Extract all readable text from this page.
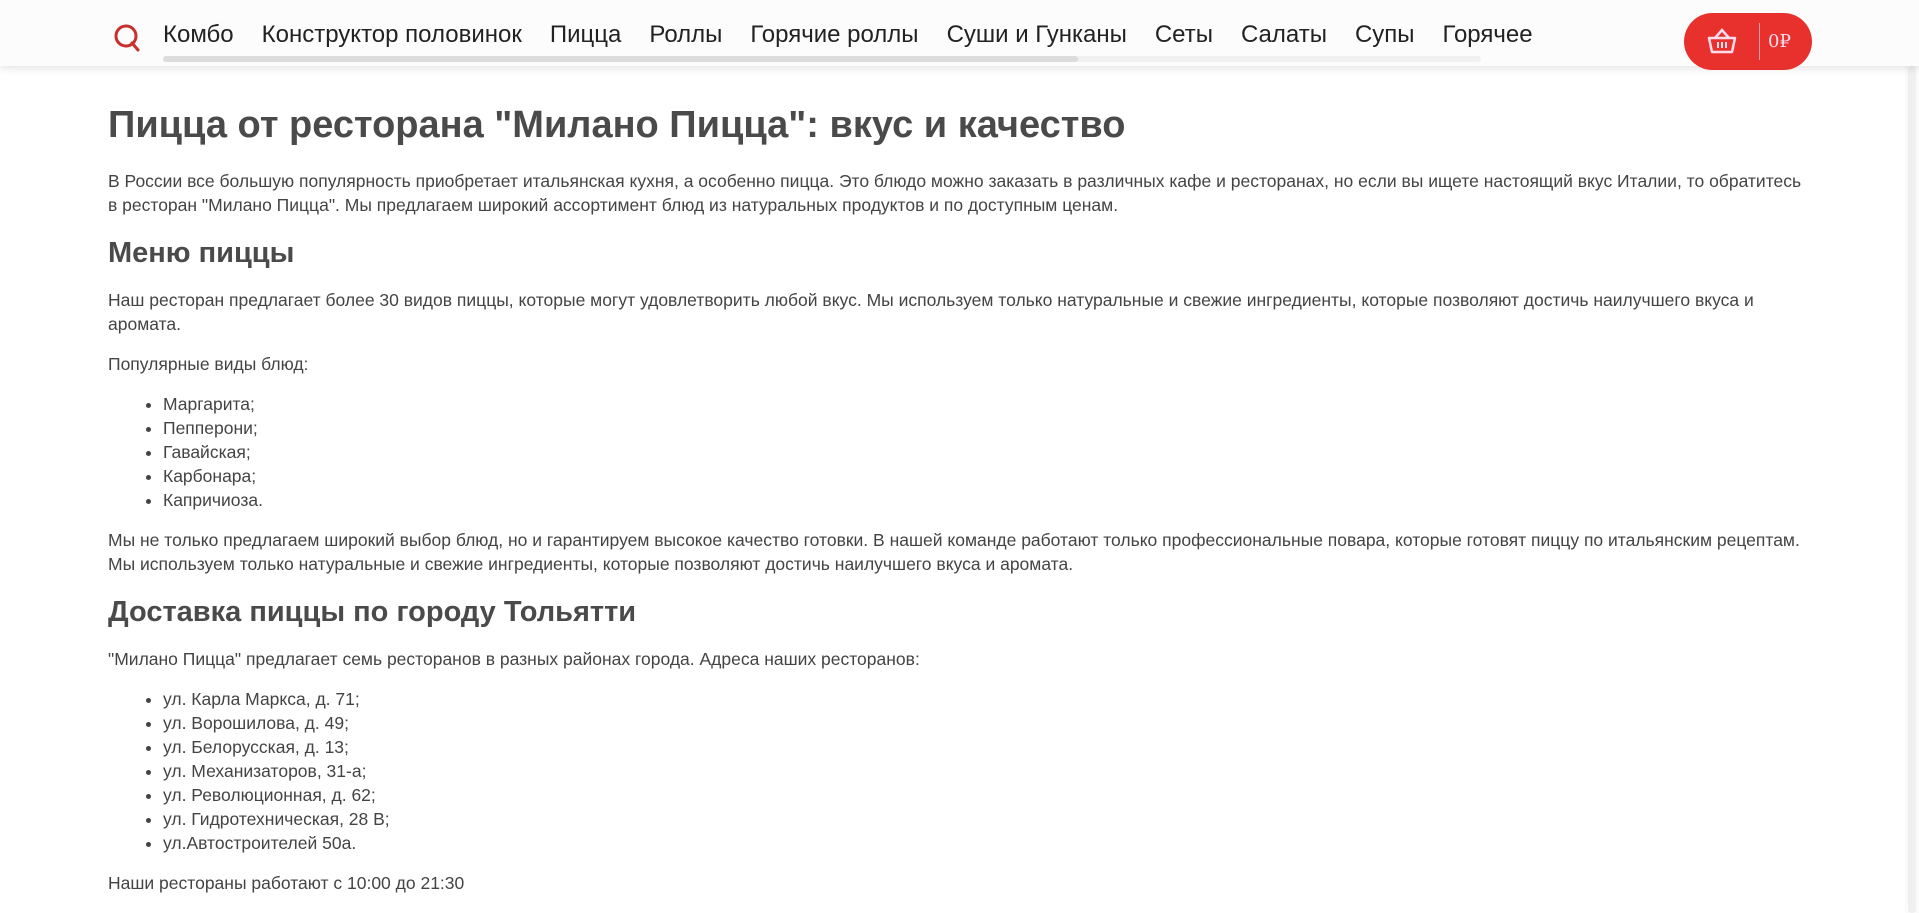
Комбо Конструктор половинок Пицца Роллы Горячие роллы Суши и Гунканы Сеты Салаты Супы Горячее	0₽
Пицца от ресторана "Милано Пицца": вкус и качество

В России все большую популярность приобретает итальянская кухня, а особенно пицца. Это блюдо можно заказать в различных кафе и ресторанах, но если вы ищете настоящий вкус Италии, то обратитесь в ресторан "Милано Пицца". Мы предлагаем широкий ассортимент блюд из натуральных продуктов и по доступным ценам.

Меню пиццы

Наш ресторан предлагает более 30 видов пиццы, которые могут удовлетворить любой вкус. Мы используем только натуральные и свежие ингредиенты, которые позволяют достичь наилучшего вкуса и аромата.

Популярные виды блюд:

• Маргарита;
• Пепперони;
• Гавайская;
• Карбонара;
• Капричиоза.

Мы не только предлагаем широкий выбор блюд, но и гарантируем высокое качество готовки. В нашей команде работают только профессиональные повара, которые готовят пиццу по итальянским рецептам. Мы используем только натуральные и свежие ингредиенты, которые позволяют достичь наилучшего вкуса и аромата.

Доставка пиццы по городу Тольятти

"Милано Пицца" предлагает семь ресторанов в разных районах города. Адреса наших ресторанов:

• ул. Карла Маркса, д. 71;
• ул. Ворошилова, д. 49;
• ул. Белорусская, д. 13;
• ул. Механизаторов, 31-а;
• ул. Революционная, д. 62;
• ул. Гидротехническая, 28 В;
• ул.Автостроителей 50а.

Наши рестораны работают с 10:00 до 21:30
